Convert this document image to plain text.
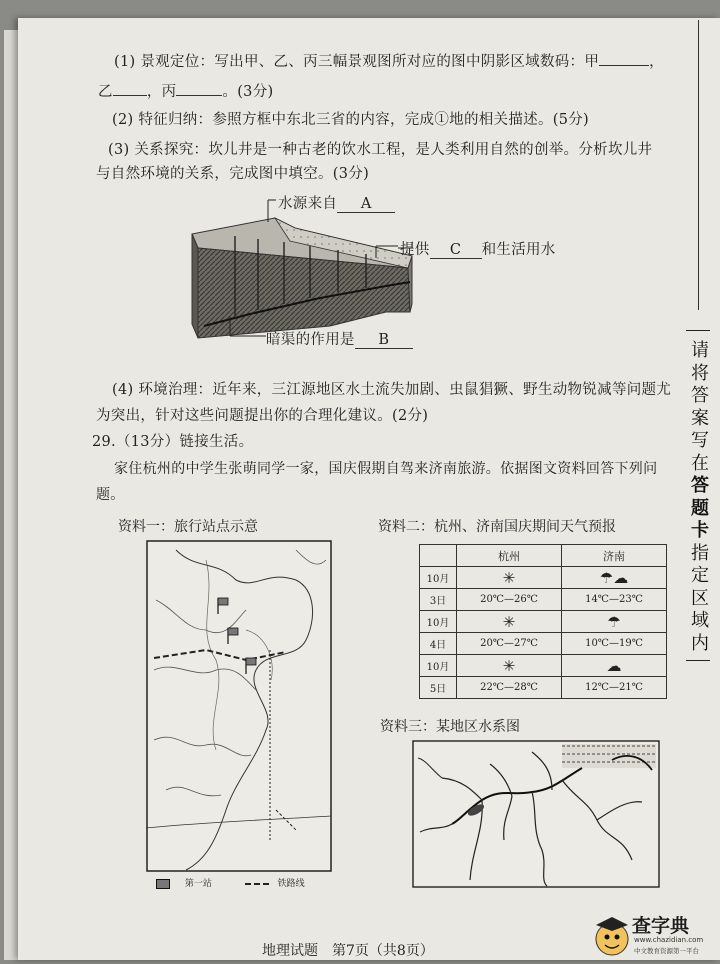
(1) 景观定位：写出甲、乙、丙三幅景观图所对应的图中阴影区域数码：甲	，
乙 ，丙	。(3分)
(2) 特征归纳：参照方框中东北三省的内容，完成①地的相关描述。(5分)
(3) 关系探究：坎儿井是一种古老的饮水工程，是人类利用自然的创举。分析坎儿井
与自然环境的关系，完成图中填空。(3分)
水源来自 A
提供 C 和生活用水
暗渠的作用是 B
(4) 环境治理：近年来，三江源地区水土流失加剧、虫鼠猖獗、野生动物锐减等问题尤
为突出，针对这些问题提出你的合理化建议。(2分)
29.（13分）链接生活。
家住杭州的中学生张萌同学一家，国庆假期自驾来济南旅游。依据图文资料回答下列问
题。
资料一：旅行站点示意
第一站	铁路线
资料二：杭州、济南国庆期间天气预报
	杭州	济南
10月	✳	☂☁
3日	20℃—26℃	14℃—23℃
10月	✳	☂
4日	20℃—27℃	10℃—19℃
10月	✳	☁
5日	22℃—28℃	12℃—21℃
资料三：某地区水系图
请
将
答
案
写
在
答
题
卡
指
定
区
域
内
地理试题　第7页（共8页）
查字典
www.chazidian.com
中文教育资源第一平台
